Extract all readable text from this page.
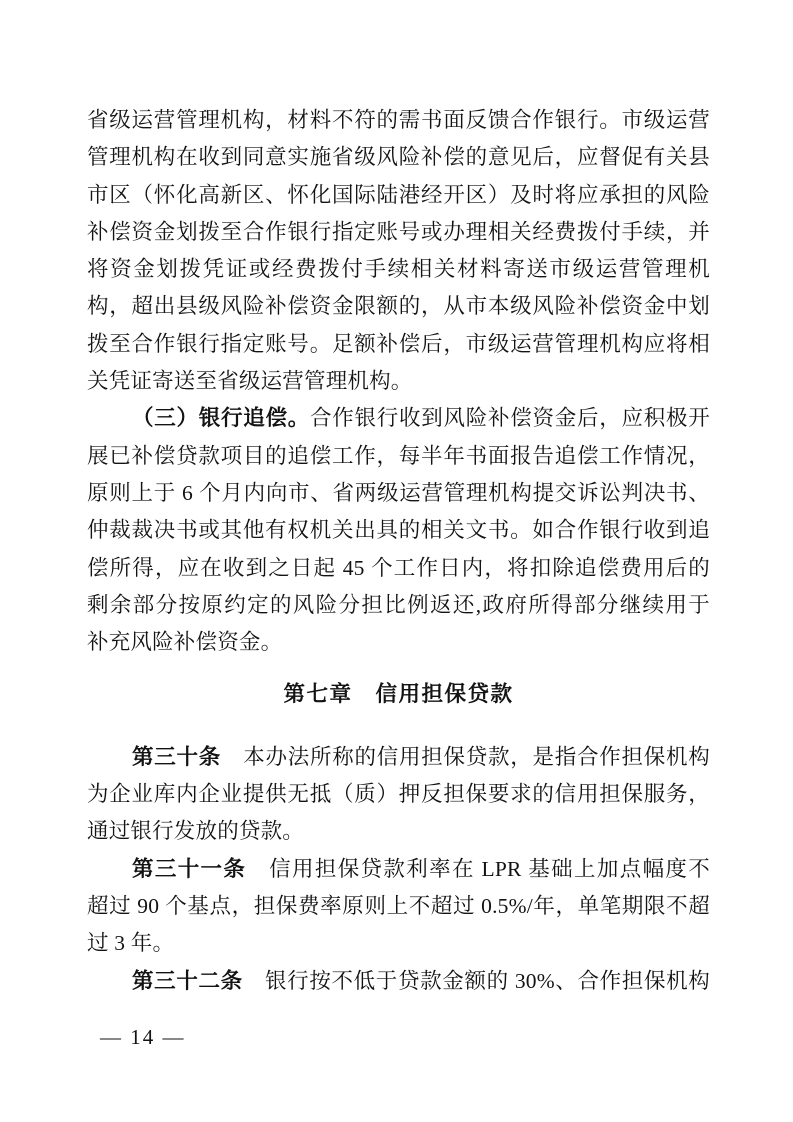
省级运营管理机构，材料不符的需书面反馈合作银行。市级运营
管理机构在收到同意实施省级风险补偿的意见后，应督促有关县
市区（怀化高新区、怀化国际陆港经开区）及时将应承担的风险
补偿资金划拨至合作银行指定账号或办理相关经费拨付手续，并
将资金划拨凭证或经费拨付手续相关材料寄送市级运营管理机
构，超出县级风险补偿资金限额的，从市本级风险补偿资金中划
拨至合作银行指定账号。足额补偿后，市级运营管理机构应将相
关凭证寄送至省级运营管理机构。
（三）银行追偿。合作银行收到风险补偿资金后，应积极开
展已补偿贷款项目的追偿工作，每半年书面报告追偿工作情况，
原则上于 6 个月内向市、省两级运营管理机构提交诉讼判决书、
仲裁裁决书或其他有权机关出具的相关文书。如合作银行收到追
偿所得，应在收到之日起 45 个工作日内，将扣除追偿费用后的
剩余部分按原约定的风险分担比例返还,政府所得部分继续用于
补充风险补偿资金。
第七章　信用担保贷款
第三十条　本办法所称的信用担保贷款，是指合作担保机构
为企业库内企业提供无抵（质）押反担保要求的信用担保服务，
通过银行发放的贷款。
第三十一条　信用担保贷款利率在 LPR 基础上加点幅度不
超过 90 个基点，担保费率原则上不超过 0.5%/年，单笔期限不超
过 3 年。
第三十二条　银行按不低于贷款金额的 30%、合作担保机构
— 14 —
